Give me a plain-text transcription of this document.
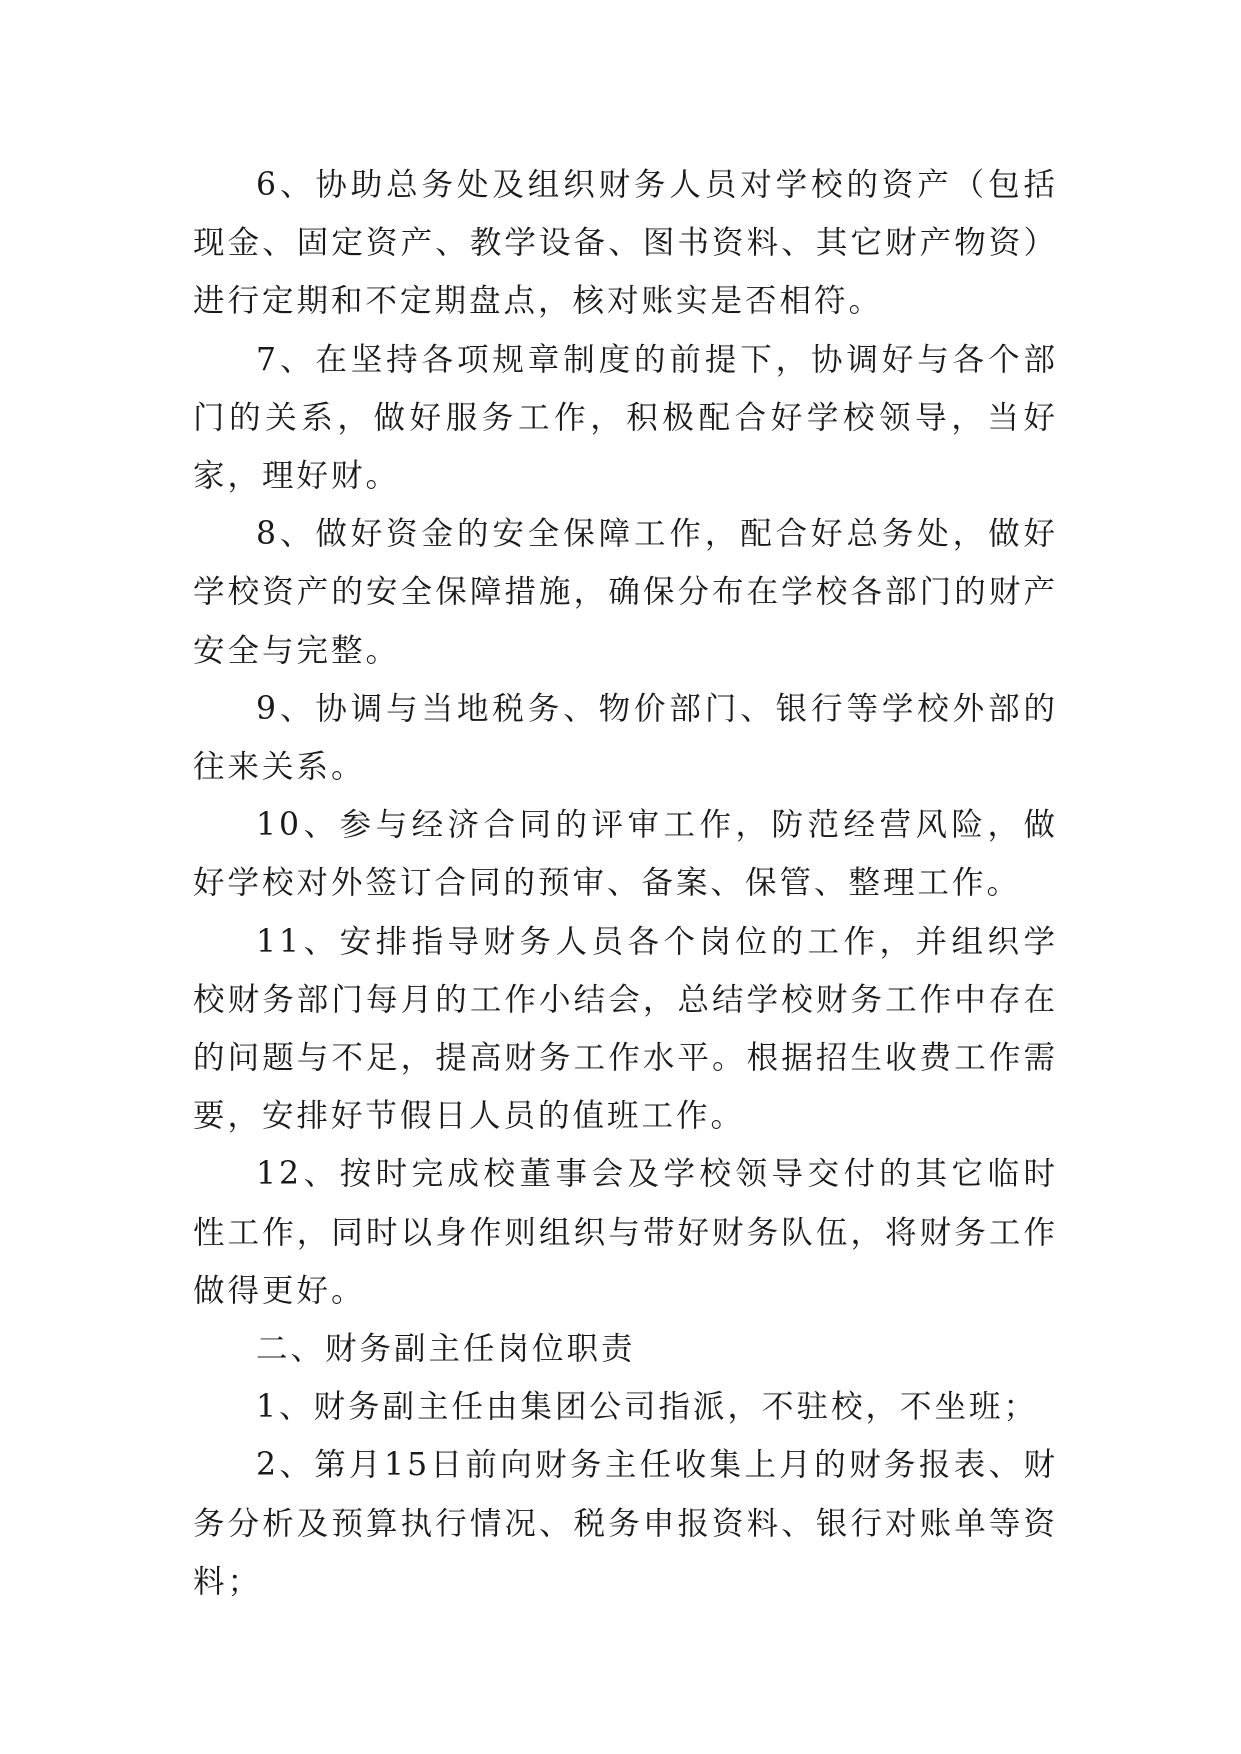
6、协助总务处及组织财务人员对学校的资产（包括现金、固定资产、教学设备、图书资料、其它财产物资）进行定期和不定期盘点，核对账实是否相符。

7、在坚持各项规章制度的前提下，协调好与各个部门的关系，做好服务工作，积极配合好学校领导，当好家，理好财。

8、做好资金的安全保障工作，配合好总务处，做好学校资产的安全保障措施，确保分布在学校各部门的财产安全与完整。

9、协调与当地税务、物价部门、银行等学校外部的往来关系。

10、参与经济合同的评审工作，防范经营风险，做好学校对外签订合同的预审、备案、保管、整理工作。

11、安排指导财务人员各个岗位的工作，并组织学校财务部门每月的工作小结会，总结学校财务工作中存在的问题与不足，提高财务工作水平。根据招生收费工作需要，安排好节假日人员的值班工作。

12、按时完成校董事会及学校领导交付的其它临时性工作，同时以身作则组织与带好财务队伍，将财务工作做得更好。

二、财务副主任岗位职责

1、财务副主任由集团公司指派，不驻校，不坐班；

2、第月15日前向财务主任收集上月的财务报表、财务分析及预算执行情况、税务申报资料、银行对账单等资料；
